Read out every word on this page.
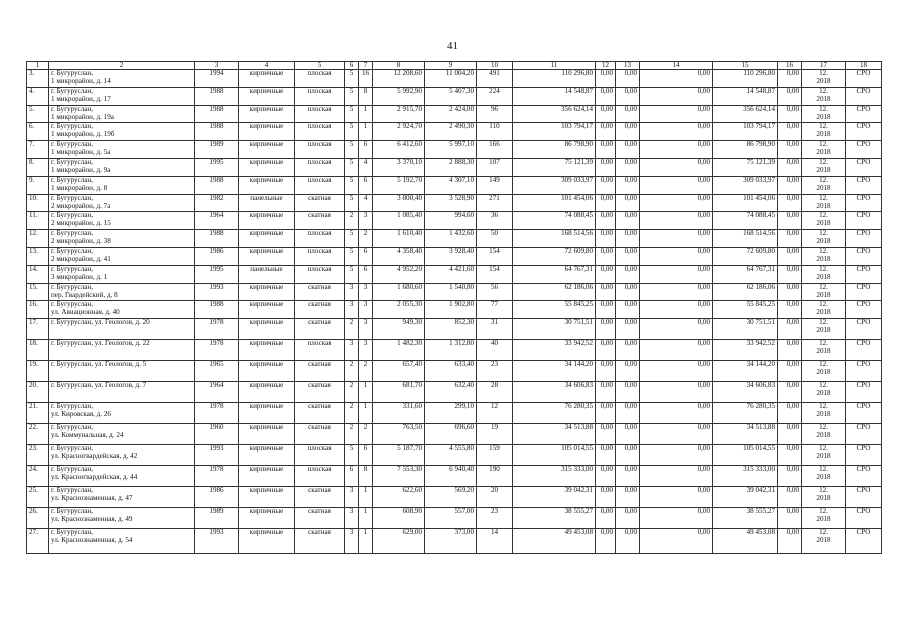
41
1	2	3	4	5	6	7	8	9	10	11	12	13	14	15	16	17	18
3.	г. Бугуруслан,
1 микрорайон, д. 14	1994	кирпичные	плоская	5	16	12 208,60	11 004,20	491	110 296,80	0,00	0,00	0,00	110 296,80	0,00	12.
2018	СРО
4.	г. Бугуруслан,
1 микрорайон, д. 17	1988	кирпичные	плоская	5	8	5 992,90	5 407,30	224	14 548,87	0,00	0,00	0,00	14 548,87	0,00	12.
2018	СРО
5.	г. Бугуруслан,
1 микрорайон, д. 19а	1988	кирпичные	плоская	5	1	2 915,70	2 424,00	96	356 624,14	0,00	0,00	0,00	356 624,14	0,00	12.
2018	СРО
6.	г. Бугуруслан,
1 микрорайон, д. 19б	1988	кирпичные	плоская	5	1	2 924,70	2 490,30	110	103 794,17	0,00	0,00	0,00	103 794,17	0,00	12.
2018	СРО
7.	г. Бугуруслан,
1 микрорайон, д. 5а	1989	кирпичные	плоская	5	6	6 412,60	5 997,10	166	86 798,90	0,00	0,00	0,00	86 798,90	0,00	12.
2018	СРО
8.	г. Бугуруслан,
1 микрорайон, д. 9а	1995	кирпичные	плоская	5	4	3 370,10	2 888,30	107	75 121,39	0,00	0,00	0,00	75 121,39	0,00	12.
2018	СРО
9.	г. Бугуруслан,
1 микрорайон, д. 8	1988	кирпичные	плоская	5	6	5 192,70	4 307,10	149	309 033,97	0,00	0,00	0,00	309 033,97	0,00	12.
2018	СРО
10.	г. Бугуруслан,
2 микрорайон, д. 7а	1982	панельные	скатная	5	4	3 800,40	3 528,90	271	101 454,06	0,00	0,00	0,00	101 454,06	0,00	12.
2018	СРО
11.	г. Бугуруслан,
2 микрорайон, д. 15	1964	кирпичные	скатная	2	3	1 085,40	994,60	36	74 088,45	0,00	0,00	0,00	74 088,45	0,00	12.
2018	СРО
12.	г. Бугуруслан,
2 микрорайон, д. 38	1988	кирпичные	плоская	5	2	1 610,40	1 432,60	50	168 514,56	0,00	0,00	0,00	168 514,56	0,00	12.
2018	СРО
13.	г. Бугуруслан,
2 микрорайон, д. 41	1986	кирпичные	плоская	5	6	4 358,40	3 928,40	154	72 609,80	0,00	0,00	0,00	72 609,80	0,00	12.
2018	СРО
14.	г. Бугуруслан,
3 микрорайон, д. 1	1995	панельные	плоская	5	6	4 952,20	4 421,60	154	64 767,31	0,00	0,00	0,00	64 767,31	0,00	12.
2018	СРО
15.	г. Бугуруслан,
пер. Гвардейский, д. 8	1993	кирпичные	скатная	3	3	1 680,60	1 540,80	56	62 186,06	0,00	0,00	0,00	62 186,06	0,00	12.
2018	СРО
16.	г. Бугуруслан,
ул. Авиационная, д. 40	1988	кирпичные	скатная	3	3	2 055,30	1 902,80	77	55 845,25	0,00	0,00	0,00	55 845,25	0,00	12.
2018	СРО
17.	г. Бугуруслан, ул. Геологов, д. 20	1978	кирпичные	скатная	2	3	949,30	852,30	31	30 751,51	0,00	0,00	0,00	30 751,51	0,00	12.
2018	СРО
18.	г. Бугуруслан, ул. Геологов, д. 22	1978	кирпичные	плоская	3	3	1 482,30	1 312,80	40	33 942,52	0,00	0,00	0,00	33 942,52	0,00	12.
2018	СРО
19.	г. Бугуруслан, ул. Геологов, д. 5	1965	кирпичные	скатная	2	2	657,40	633,40	23	34 144,20	0,00	0,00	0,00	34 144,20	0,00	12.
2018	СРО
20.	г. Бугуруслан, ул. Геологов, д. 7	1964	кирпичные	скатная	2	1	681,70	632,40	28	34 606,83	0,00	0,00	0,00	34 606,83	0,00	12.
2018	СРО
21.	г. Бугуруслан,
ул. Кировская, д. 26	1978	кирпичные	скатная	2	1	331,60	299,10	12	76 280,35	0,00	0,00	0,00	76 280,35	0,00	12.
2018	СРО
22.	г. Бугуруслан,
ул. Коммунальная, д. 24	1960	кирпичные	скатная	2	2	763,50	696,60	19	34 513,88	0,00	0,00	0,00	34 513,88	0,00	12.
2018	СРО
23.	г. Бугуруслан,
ул. Красногвардейская, д. 42	1993	кирпичные	плоская	5	6	5 187,70	4 555,80	159	105 014,55	0,00	0,00	0,00	105 014,55	0,00	12.
2018	СРО
24.	г. Бугуруслан,
ул. Красногвардейская, д. 44	1978	кирпичные	плоская	6	8	7 553,30	6 940,40	190	315 333,00	0,00	0,00	0,00	315 333,00	0,00	12.
2018	СРО
25.	г. Бугуруслан,
ул. Краснознаменная, д. 47	1986	кирпичные	скатная	3	1	622,60	569,20	20	39 042,31	0,00	0,00	0,00	39 042,31	0,00	12.
2018	СРО
26.	г. Бугуруслан,
ул. Краснознаменная, д. 49	1989	кирпичные	скатная	3	1	608,90	557,00	23	38 555,27	0,00	0,00	0,00	38 555,27	0,00	12.
2018	СРО
27.	г. Бугуруслан,
ул. Краснознаменная, д. 54	1993	кирпичные	скатная	3	1	629,00	373,00	14	49 453,08	0,00	0,00	0,00	49 453,08	0,00	12.
2018	СРО
